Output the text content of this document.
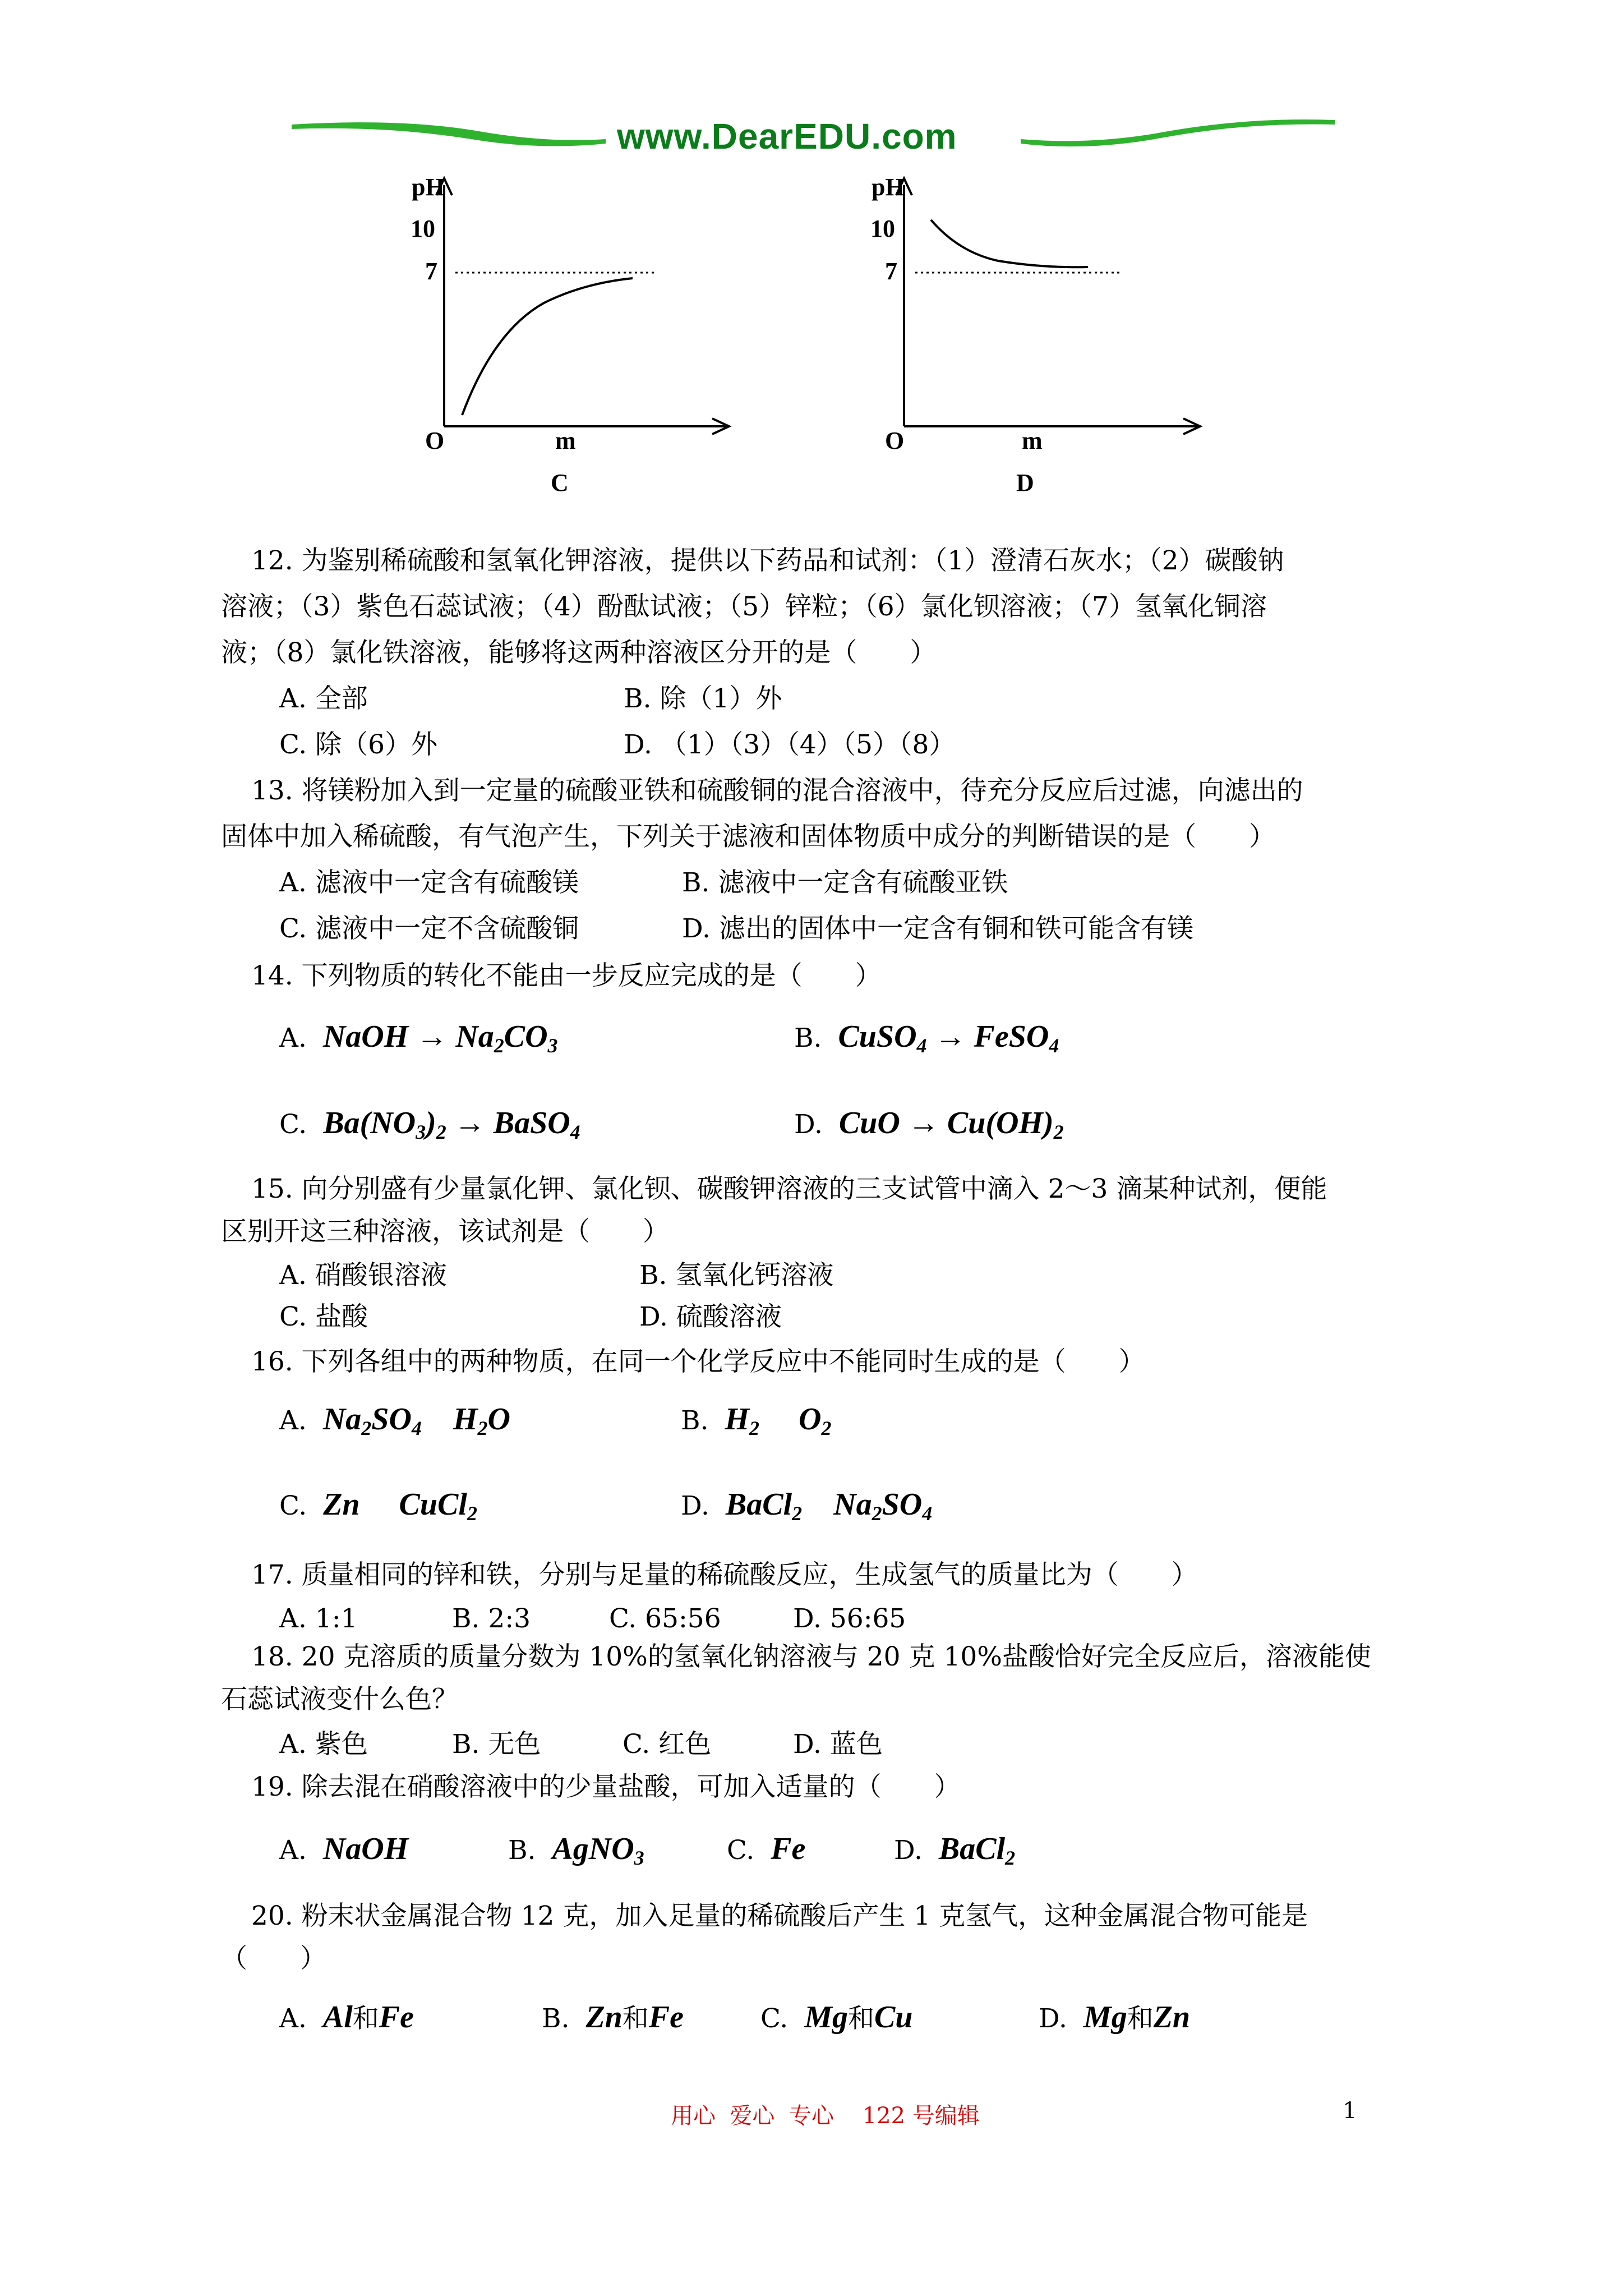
www.DearEDU.com
pH
10
7
O	m
C
pH
10
7
O	m
D
12. 为鉴别稀硫酸和氢氧化钾溶液，提供以下药品和试剂：（1）澄清石灰水；（2）碳酸钠
溶液；（3）紫色石蕊试液；（4）酚酞试液；（5）锌粒；（6）氯化钡溶液；（7）氢氧化铜溶
液；（8）氯化铁溶液，能够将这两种溶液区分开的是（　　）
A. 全部	B. 除（1）外
C. 除（6）外	D. （1）（3）（4）（5）（8）
13. 将镁粉加入到一定量的硫酸亚铁和硫酸铜的混合溶液中，待充分反应后过滤，向滤出的
固体中加入稀硫酸，有气泡产生，下列关于滤液和固体物质中成分的判断错误的是（　　）
A. 滤液中一定含有硫酸镁	B. 滤液中一定含有硫酸亚铁
C. 滤液中一定不含硫酸铜	D. 滤出的固体中一定含有铜和铁可能含有镁
14. 下列物质的转化不能由一步反应完成的是（　　）
A.  NaOH → $Na_2CO_3$	B.  CuSO$_4$ → FeSO$_4$
C.  $Ba(NO_3)_2$ → BaSO$_4$	D.  CuO → $Cu(OH)_2$
15. 向分别盛有少量氯化钾、氯化钡、碳酸钾溶液的三支试管中滴入 2～3 滴某种试剂，便能
区别开这三种溶液，该试剂是（　　）
A. 硝酸银溶液	B. 氢氧化钙溶液
C. 盐酸	D. 硫酸溶液
16. 下列各组中的两种物质，在同一个化学反应中不能同时生成的是（　　）
A.  $Na_2SO_4$    $H_2O$	B.  $H_2$     $O_2$
C.  Zn     CuCl$_2$	D.  BaCl$_2$    $Na_2SO_4$
17. 质量相同的锌和铁，分别与足量的稀硫酸反应，生成氢气的质量比为（　　）
A. 1:1	B. 2:3	C. 65:56	D. 56:65
18. 20 克溶质的质量分数为 10%的氢氧化钠溶液与 20 克 10%盐酸恰好完全反应后，溶液能使
石蕊试液变什么色？
A. 紫色	B. 无色	C. 红色	D. 蓝色
19. 除去混在硝酸溶液中的少量盐酸，可加入适量的（　　）
A.  NaOH	B.  AgNO$_3$	C.  Fe	D.  BaCl$_2$
20. 粉末状金属混合物 12 克，加入足量的稀硫酸后产生 1 克氢气，这种金属混合物可能是
（　　）
A.  Al和Fe	B.  Zn和Fe	C.  Mg和Cu	D.  Mg和Zn
用心  爱心  专心    122 号编辑	1
